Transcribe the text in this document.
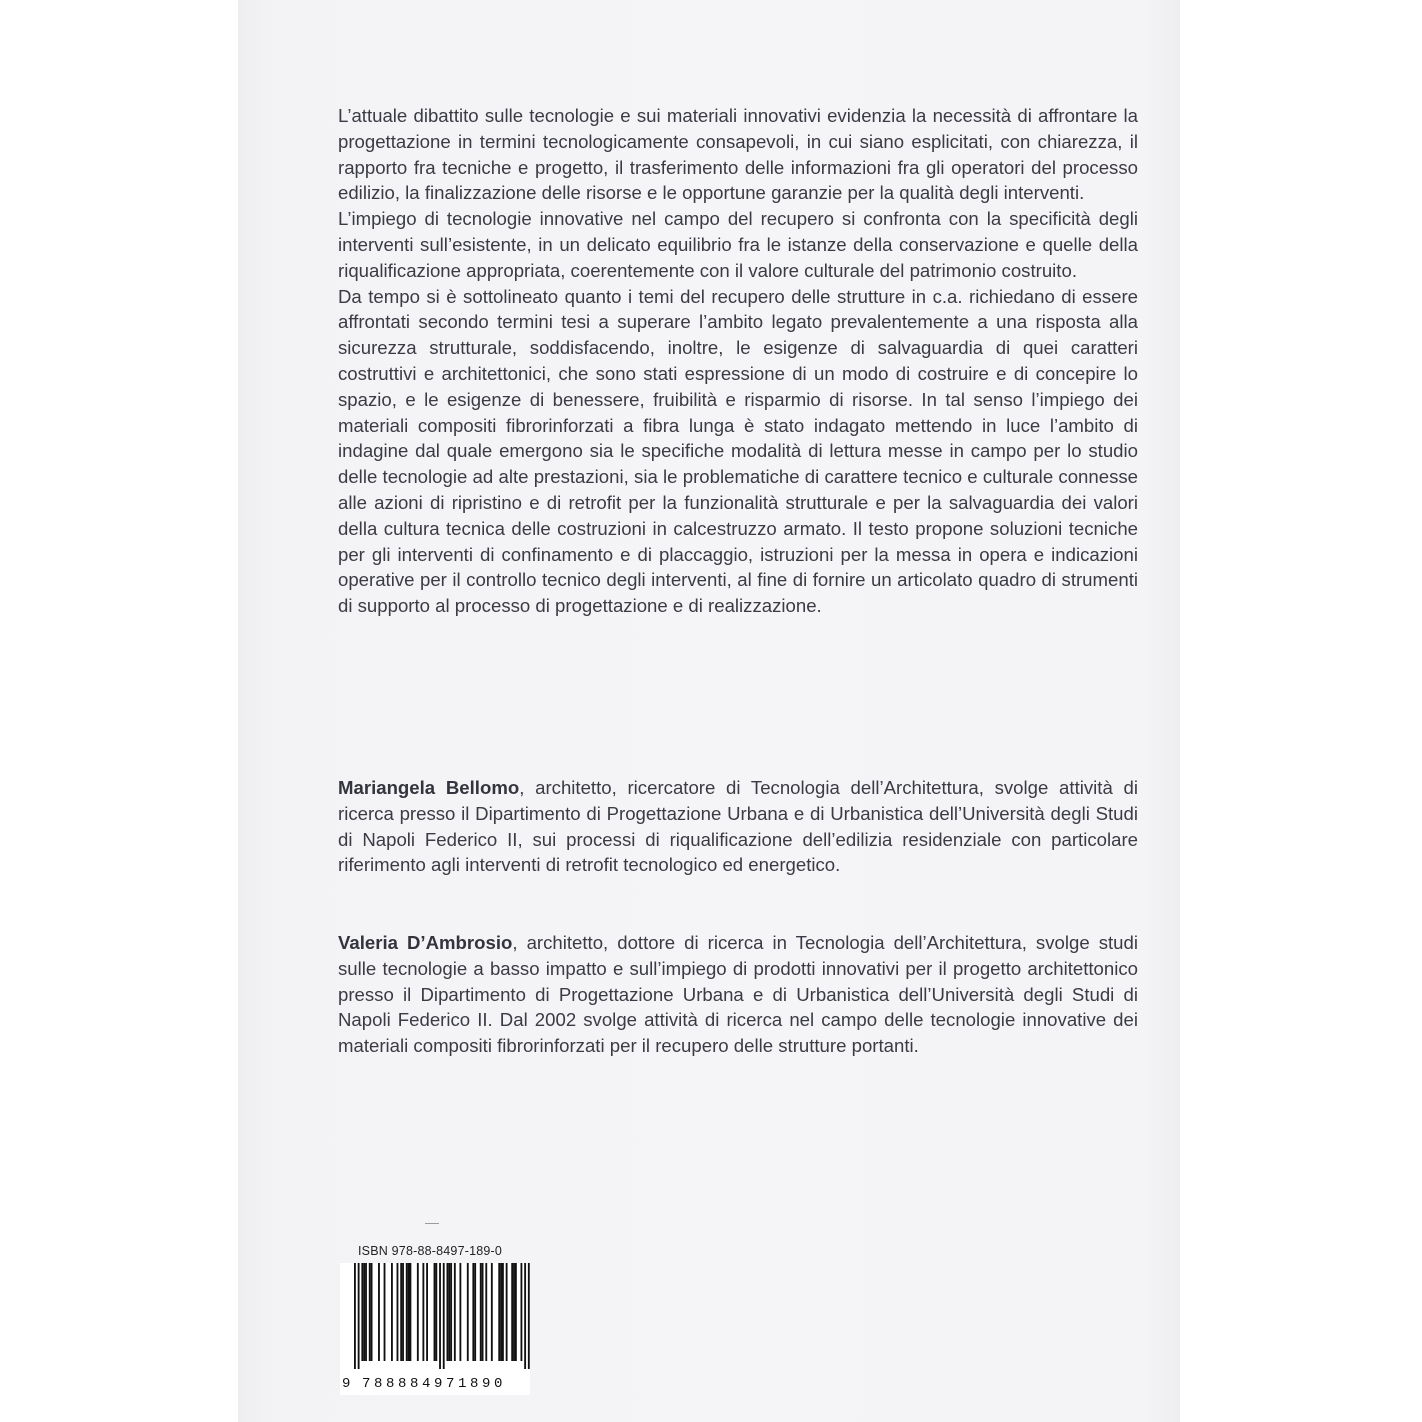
L’attuale dibattito sulle tecnologie e sui materiali innovativi evidenzia la necessità di affrontare la progettazione in termini tecnologicamente consapevoli, in cui siano esplicitati, con chiarezza, il rapporto fra tecniche e progetto, il trasferimento delle informazioni fra gli operatori del processo edilizio, la finalizzazione delle risorse e le opportune garanzie per la qualità degli interventi.

L’impiego di tecnologie innovative nel campo del recupero si confronta con la specificità degli interventi sull’esistente, in un delicato equilibrio fra le istanze della conservazione e quelle della riqualificazione appropriata, coerentemente con il valore culturale del patrimonio costruito.

Da tempo si è sottolineato quanto i temi del recupero delle strutture in c.a. richiedano di essere affrontati secondo termini tesi a superare l’ambito legato prevalentemente a una risposta alla sicurezza strutturale, soddisfacendo, inoltre, le esigenze di salvaguardia di quei caratteri costruttivi e architettonici, che sono stati espressione di un modo di costruire e di concepire lo spazio, e le esigenze di benessere, fruibilità e risparmio di risorse. In tal senso l’impiego dei materiali compositi fibrorinforzati a fibra lunga è stato indagato mettendo in luce l’ambito di indagine dal quale emergono sia le specifiche modalità di lettura messe in campo per lo studio delle tecnologie ad alte prestazioni, sia le problematiche di carattere tecnico e culturale connesse alle azioni di ripristino e di retrofit per la funzionalità strutturale e per la salvaguardia dei valori della cultura tecnica delle costruzioni in calcestruzzo armato. Il testo propone soluzioni tecniche per gli interventi di confinamento e di placcaggio, istruzioni per la messa in opera e indicazioni operative per il controllo tecnico degli interventi, al fine di fornire un articolato quadro di strumenti di supporto al processo di progettazione e di realizzazione.

Mariangela Bellomo, architetto, ricercatore di Tecnologia dell’Architettura, svolge attività di ricerca presso il Dipartimento di Progettazione Urbana e di Urbanistica dell’Università degli Studi di Napoli Federico II, sui processi di riqualificazione dell’edilizia residenziale con particolare riferimento agli interventi di retrofit tecnologico ed energetico.

Valeria D’Ambrosio, architetto, dottore di ricerca in Tecnologia dell’Architettura, svolge studi sulle tecnologie a basso impatto e sull’impiego di prodotti innovativi per il progetto architettonico presso il Dipartimento di Progettazione Urbana e di Urbanistica dell’Università degli Studi di Napoli Federico II. Dal 2002 svolge attività di ricerca nel campo delle tecnologie innovative dei materiali compositi fibrorinforzati per il recupero delle strutture portanti.

ISBN 978-88-8497-189-0
9 788884971890
